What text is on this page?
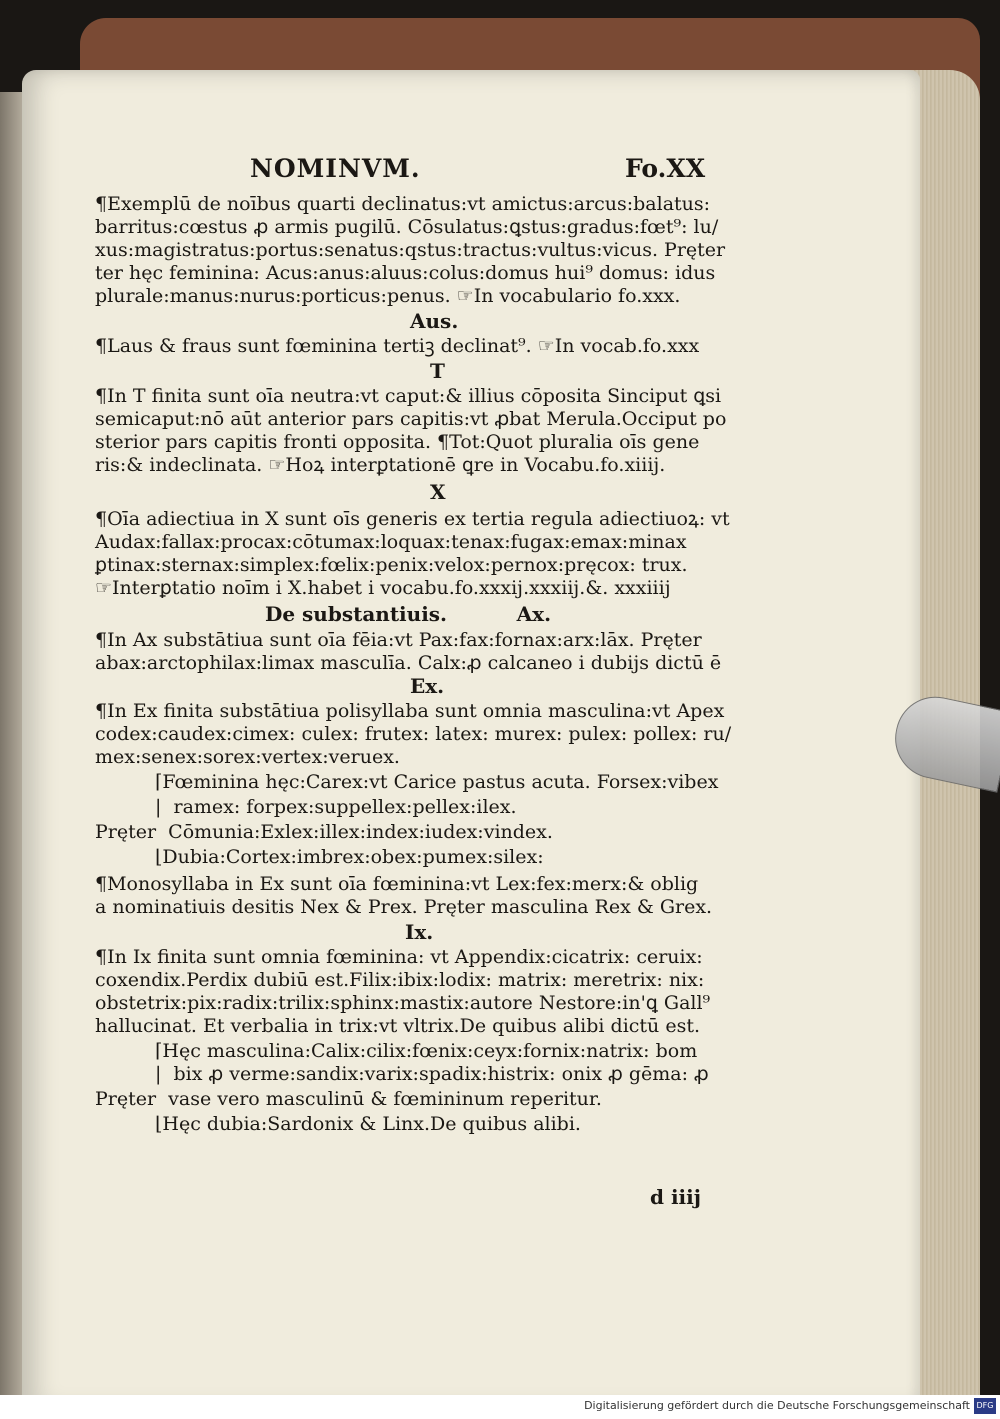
NOMINVM.	Fo.XX
¶Exemplū de noībus quarti declinatus:vt amictus:arcus:balatus:
barritus:cœstus ꝓ armis pugilū. Cōsulatus:ꝗstus:gradus:fœt⁹: lu/
xus:magistratus:portus:senatus:qstus:tractus:vultus:vicus. Pręter
ter hęc feminina: Acus:anus:aluus:colus:domus hui⁹ domus: idus
plurale:manus:nurus:porticus:penus. ☞In vocabulario fo.xxx.
Aus.
¶Laus & fraus sunt fœminina tertiꝫ declinat⁹. ☞In vocab.fo.xxx
T
¶In T finita sunt oīa neutra:vt caput:& illius cōposita Sinciput ꝗsi
semicaput:nō aūt anterior pars capitis:vt ꝓbat Merula.Occiput po
sterior pars capitis fronti opposita. ¶Tot:Quot pluralia oīs gene
ris:& indeclinata. ☞Hoꝝ interꝑtationē ꝗre in Vocabu.fo.xiiij.
X
¶Oīa adiectiua in X sunt oīs generis ex tertia regula adiectiuoꝝ: vt
Audax:fallax:procax:cōtumax:loquax:tenax:fugax:emax:minax
ꝑtinax:sternax:simplex:fœlix:penix:velox:pernox:pręcox: trux.
☞Interꝑtatio noīm i X.habet i vocabu.fo.xxxij.xxxiij.&. xxxiiij
De substantiuis.          Ax.
¶In Ax substātiua sunt oīa fēia:vt Pax:fax:fornax:arx:lāx. Pręter
abax:arctophilax:limax masculīa. Calx:ꝓ calcaneo i dubijs dictū ē
Ex.
¶In Ex finita substātiua polisyllaba sunt omnia masculina:vt Apex
codex:caudex:cimex: culex: frutex: latex: murex: pulex: pollex: ru/
mex:senex:sorex:vertex:veruex.
⌈Fœminina hęc:Carex:vt Carice pastus acuta. Forsex:vibex
|  ramex: forpex:suppellex:pellex:ilex.
Pręter  Cōmunia:Exlex:illex:index:iudex:vindex.
⌊Dubia:Cortex:imbrex:obex:pumex:silex:
¶Monosyllaba in Ex sunt oīa fœminina:vt Lex:fex:merx:& oblig
a nominatiuis desitis Nex & Prex. Pręter masculina Rex & Grex.
Ix.
¶In Ix finita sunt omnia fœminina: vt Appendix:cicatrix: ceruix:
coxendix.Perdix dubiū est.Filix:ibix:lodix: matrix: meretrix: nix:
obstetrix:pix:radix:trilix:sphinx:mastix:autore Nestore:in'ꝗ Gall⁹
hallucinat. Et verbalia in trix:vt vltrix.De quibus alibi dictū est.
⌈Hęc masculina:Calix:cilix:fœnix:ceyx:fornix:natrix: bom
|  bix ꝓ verme:sandix:varix:spadix:histrix: onix ꝓ gēma: ꝓ
Pręter  vase vero masculinū & fœmininum reperitur.
⌊Hęc dubia:Sardonix & Linx.De quibus alibi.
d iiij
Digitalisierung gefördert durch die Deutsche Forschungsgemeinschaft DFG
